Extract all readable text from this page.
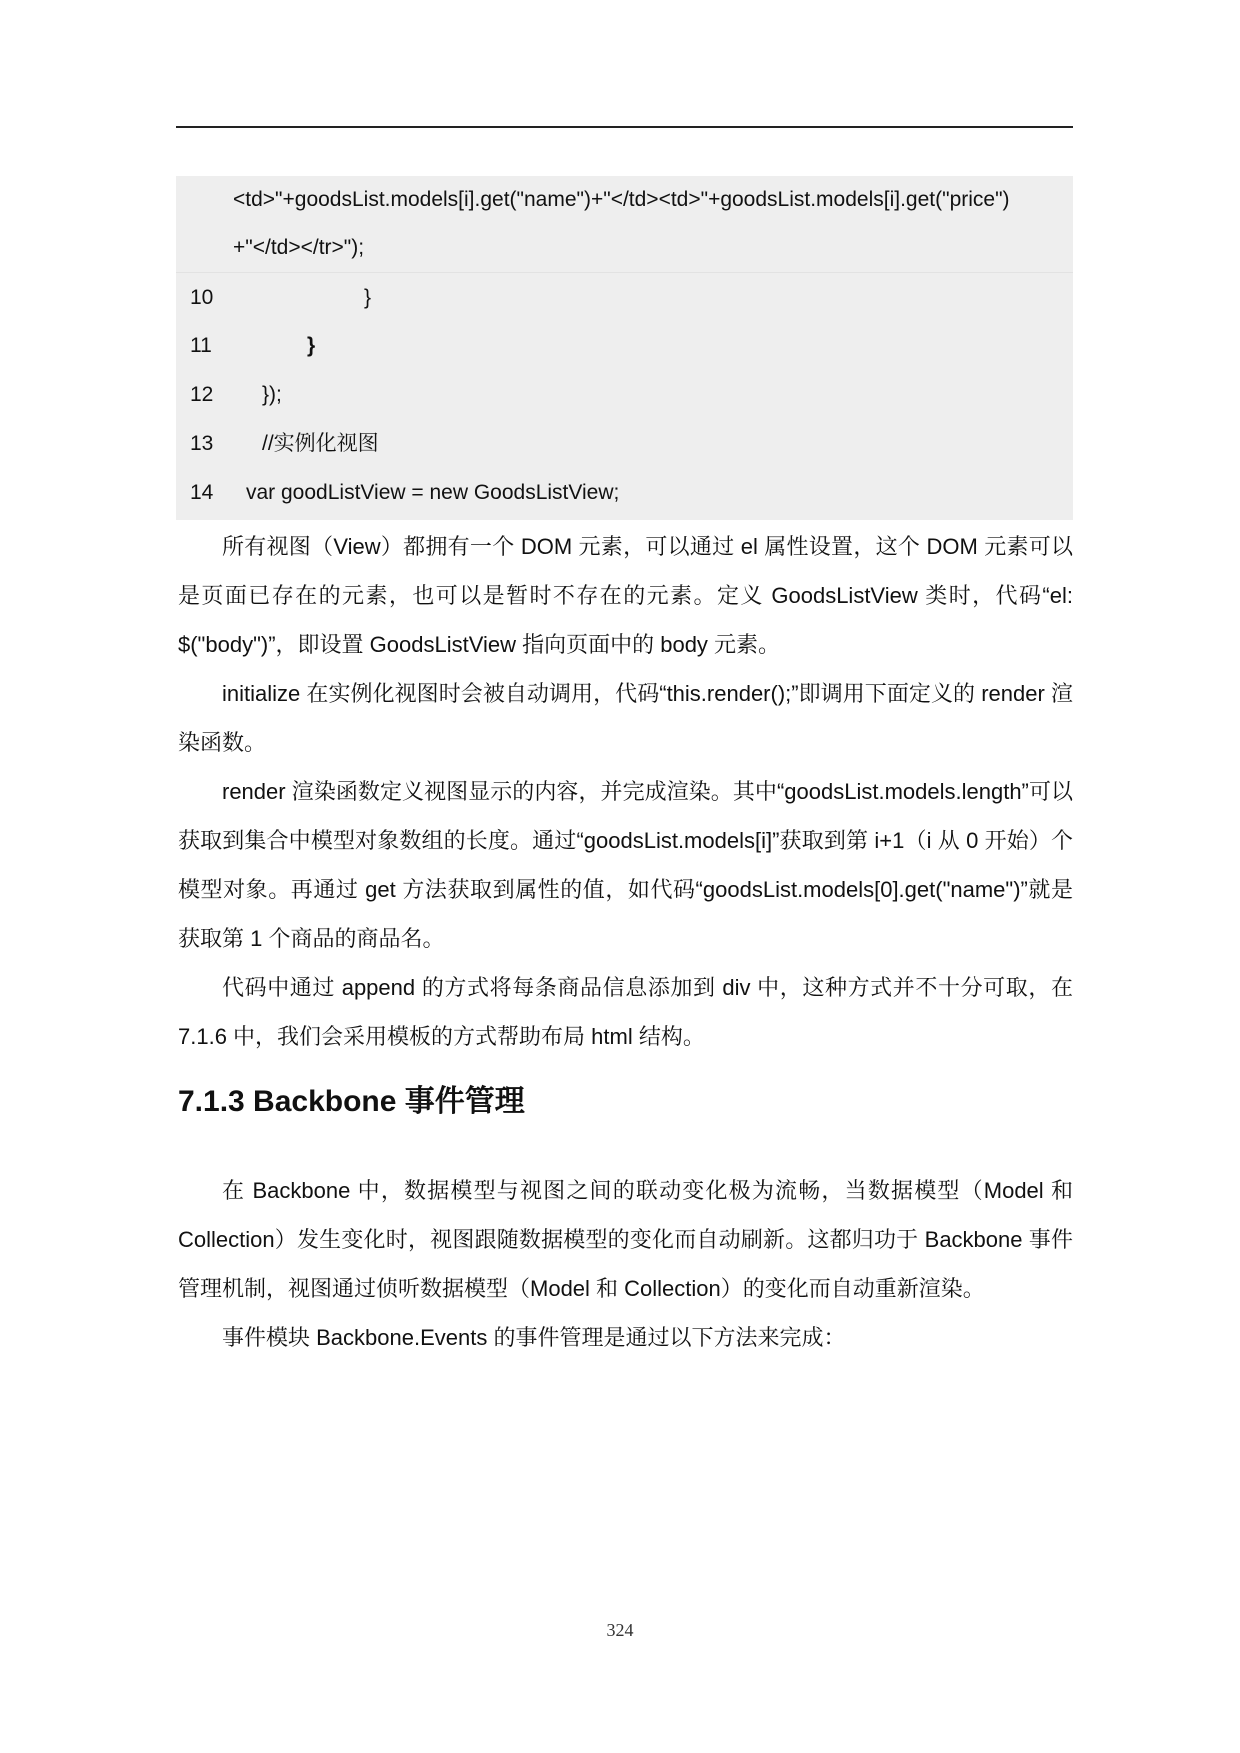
<td>"+goodsList.models[i].get("name")+"</td><td>"+goodsList.models[i].get("price")

+"</td></tr>");

10

	}

11

	}

12

});

13

//实例化视图

14

var goodListView = new GoodsListView;

所有视图（View）都拥有一个 DOM 元素，可以通过 el 属性设置，这个 DOM 元素可以是页面已存在的元素，也可以是暂时不存在的元素。定义 GoodsListView 类时，代码“el: $("body")”，即设置 GoodsListView 指向页面中的 body 元素。

initialize 在实例化视图时会被自动调用，代码“this.render();”即调用下面定义的 render 渲染函数。

render 渲染函数定义视图显示的内容，并完成渲染。其中“goodsList.models.length”可以获取到集合中模型对象数组的长度。通过“goodsList.models[i]”获取到第 i+1（i 从 0 开始）个模型对象。再通过 get 方法获取到属性的值，如代码“goodsList.models[0].get("name")”就是获取第 1 个商品的商品名。

代码中通过 append 的方式将每条商品信息添加到 div 中，这种方式并不十分可取，在 7.1.6 中，我们会采用模板的方式帮助布局 html 结构。

7.1.3 Backbone 事件管理

在 Backbone 中，数据模型与视图之间的联动变化极为流畅，当数据模型（Model 和 Collection）发生变化时，视图跟随数据模型的变化而自动刷新。这都归功于 Backbone 事件管理机制，视图通过侦听数据模型（Model 和 Collection）的变化而自动重新渲染。

事件模块 Backbone.Events 的事件管理是通过以下方法来完成：

324
